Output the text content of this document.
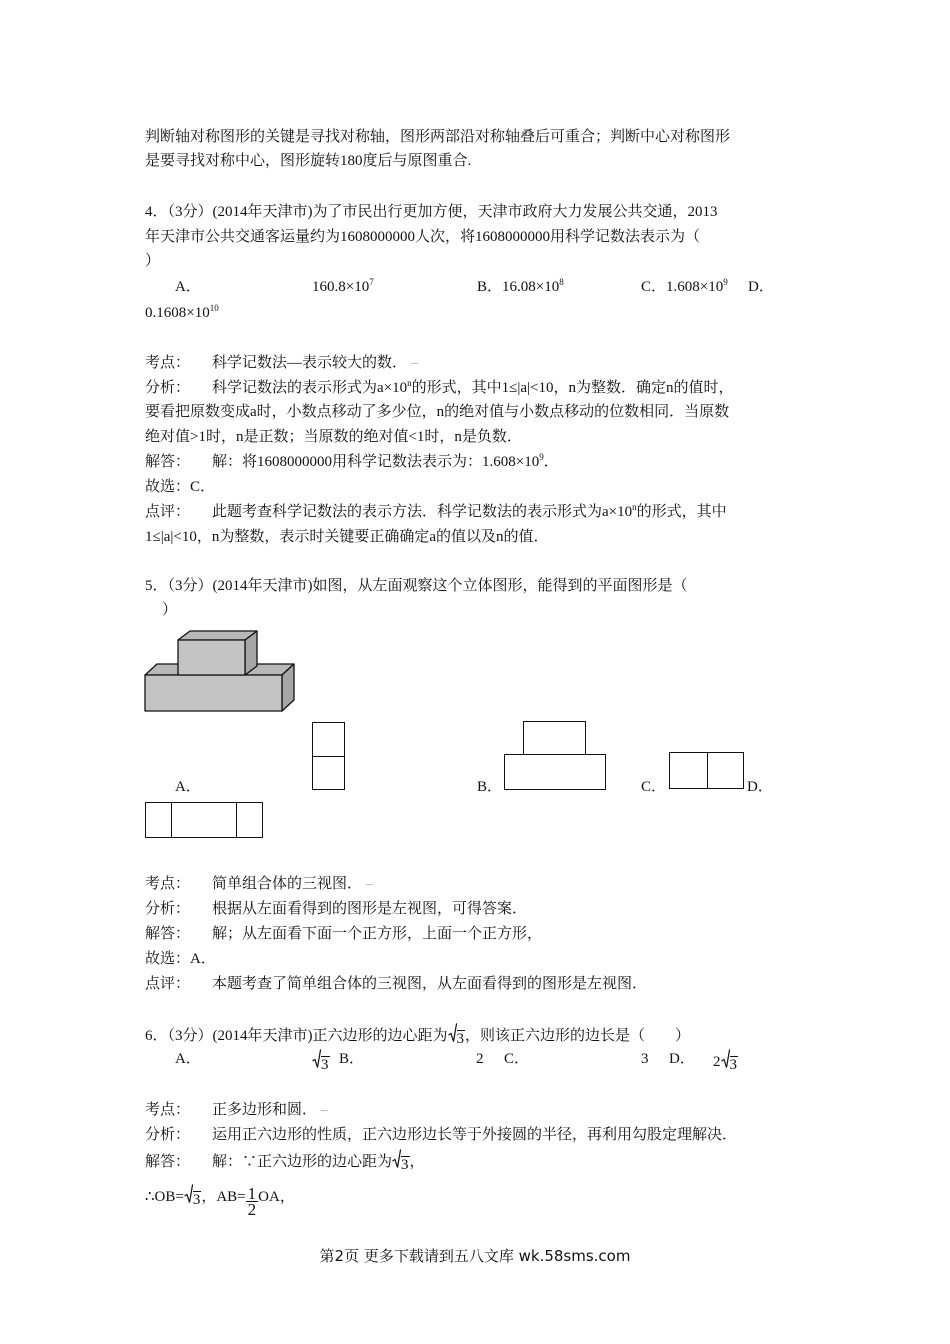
判断轴对称图形的关键是寻找对称轴，图形两部沿对称轴叠后可重合；判断中心对称图形
是要寻找对称中心，图形旋转180度后与原图重合.
4．（3分）(2014年天津市)为了市民出行更加方便，天津市政府大力发展公共交通，2013
年天津市公共交通客运量约为1608000000人次，将1608000000用科学记数法表示为（
）
A．	$160.8\times 10^7$	B．$16.08\times 10^8$	C．$1.608\times 10^9$ D．
$0.1608\times 10^{10}$
考点： 科学记数法—表示较大的数．
分析： 科学记数法的表示形式为$a\times 10^n$的形式，其中1≤|a|<10，n为整数．确定n的值时，
要看把原数变成a时，小数点移动了多少位，n的绝对值与小数点移动的位数相同．当原数
绝对值>1时，n是正数；当原数的绝对值<1时，n是负数．
解答： 解：将1608000000用科学记数法表示为：$1.608\times 10^9$．
故选：C．
点评： 此题考查科学记数法的表示方法．科学记数法的表示形式为$a\times 10^n$的形式，其中
1≤|a|<10，n为整数，表示时关键要正确确定a的值以及n的值．
5．（3分）(2014年天津市)如图，从左面观察这个立体图形，能得到的平面图形是（
）
A．	B．	C．	D．
考点： 简单组合体的三视图．
分析： 根据从左面看得到的图形是左视图，可得答案．
解答： 解；从左面看下面一个正方形，上面一个正方形，
故选：A．
点评： 本题考查了简单组合体的三视图，从左面看得到的图形是左视图．
6．（3分）(2014年天津市)正六边形的边心距为 3，则该正六边形的边长是（　　）
A．	3 B．	2 C．	3 D． 2 3
考点： 正多边形和圆．
分析： 运用正六边形的性质，正六边形边长等于外接圆的半径，再利用勾股定理解决．
解答： 解：∵正六边形的边心距为 3，
∴OB= 3，$AB= \frac{1}{2}$ OA，
第2页 更多下载请到五八文库 wk.58sms.com
